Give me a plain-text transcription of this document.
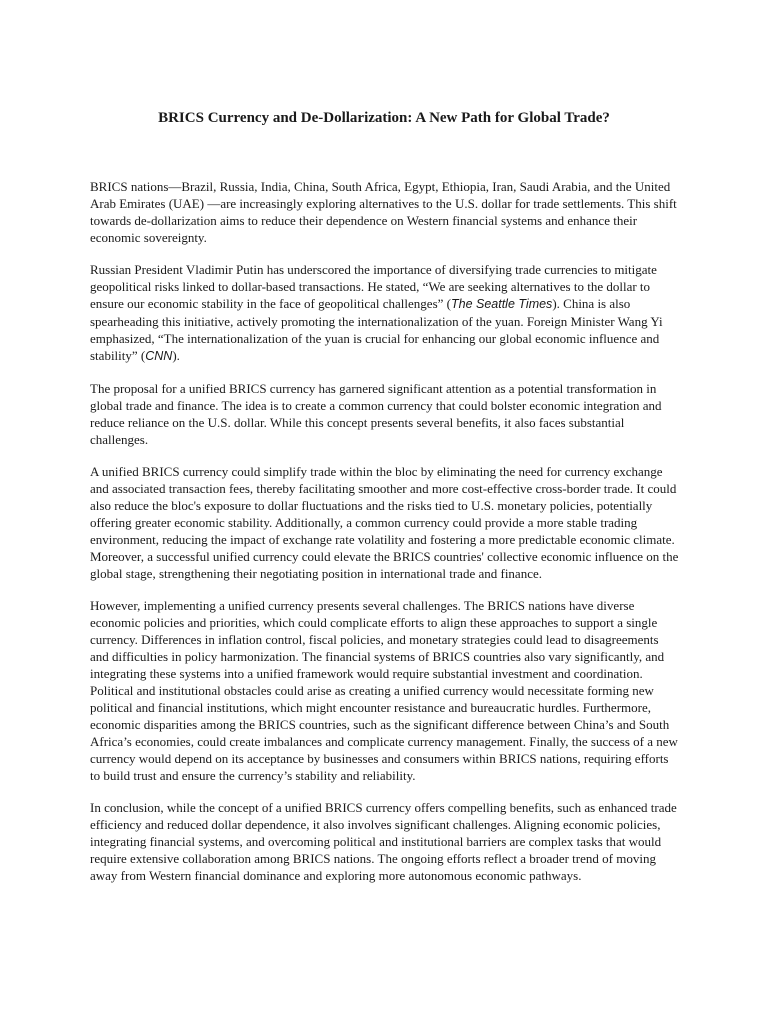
BRICS Currency and De-Dollarization: A New Path for Global Trade?

BRICS nations—Brazil, Russia, India, China, South Africa, Egypt, Ethiopia, Iran, Saudi Arabia, and the United Arab Emirates (UAE) —are increasingly exploring alternatives to the U.S. dollar for trade settlements. This shift towards de-dollarization aims to reduce their dependence on Western financial systems and enhance their economic sovereignty.

Russian President Vladimir Putin has underscored the importance of diversifying trade currencies to mitigate geopolitical risks linked to dollar-based transactions. He stated, “We are seeking alternatives to the dollar to ensure our economic stability in the face of geopolitical challenges” (The Seattle Times). China is also spearheading this initiative, actively promoting the internationalization of the yuan. Foreign Minister Wang Yi emphasized, “The internationalization of the yuan is crucial for enhancing our global economic influence and stability” (CNN).

The proposal for a unified BRICS currency has garnered significant attention as a potential transformation in global trade and finance. The idea is to create a common currency that could bolster economic integration and reduce reliance on the U.S. dollar. While this concept presents several benefits, it also faces substantial challenges.

A unified BRICS currency could simplify trade within the bloc by eliminating the need for currency exchange and associated transaction fees, thereby facilitating smoother and more cost-effective cross-border trade. It could also reduce the bloc's exposure to dollar fluctuations and the risks tied to U.S. monetary policies, potentially offering greater economic stability. Additionally, a common currency could provide a more stable trading environment, reducing the impact of exchange rate volatility and fostering a more predictable economic climate. Moreover, a successful unified currency could elevate the BRICS countries' collective economic influence on the global stage, strengthening their negotiating position in international trade and finance.

However, implementing a unified currency presents several challenges. The BRICS nations have diverse economic policies and priorities, which could complicate efforts to align these approaches to support a single currency. Differences in inflation control, fiscal policies, and monetary strategies could lead to disagreements and difficulties in policy harmonization. The financial systems of BRICS countries also vary significantly, and integrating these systems into a unified framework would require substantial investment and coordination. Political and institutional obstacles could arise as creating a unified currency would necessitate forming new political and financial institutions, which might encounter resistance and bureaucratic hurdles. Furthermore, economic disparities among the BRICS countries, such as the significant difference between China’s and South Africa’s economies, could create imbalances and complicate currency management. Finally, the success of a new currency would depend on its acceptance by businesses and consumers within BRICS nations, requiring efforts to build trust and ensure the currency’s stability and reliability.

In conclusion, while the concept of a unified BRICS currency offers compelling benefits, such as enhanced trade efficiency and reduced dollar dependence, it also involves significant challenges. Aligning economic policies, integrating financial systems, and overcoming political and institutional barriers are complex tasks that would require extensive collaboration among BRICS nations. The ongoing efforts reflect a broader trend of moving away from Western financial dominance and exploring more autonomous economic pathways.
